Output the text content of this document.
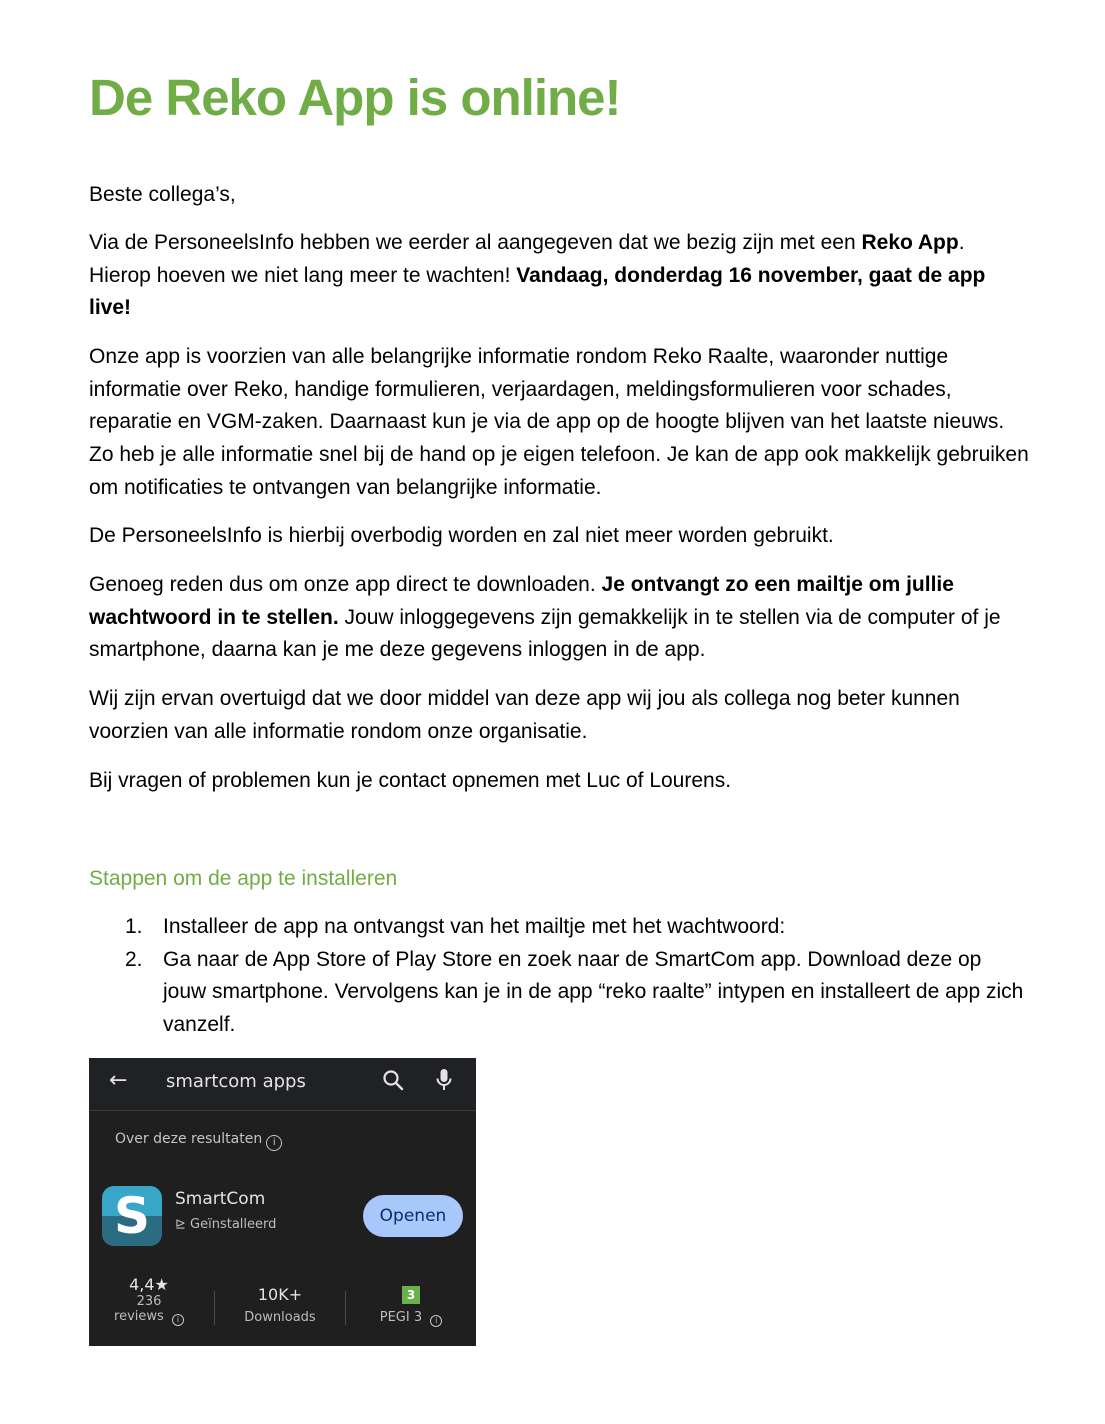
De Reko App is online!
Beste collega’s,

Via de PersoneelsInfo hebben we eerder al aangegeven dat we bezig zijn met een Reko App. Hierop hoeven we niet lang meer te wachten! Vandaag, donderdag 16 november, gaat de app live!

Onze app is voorzien van alle belangrijke informatie rondom Reko Raalte, waaronder nuttige informatie over Reko, handige formulieren, verjaardagen, meldingsformulieren voor schades, reparatie en VGM-zaken. Daarnaast kun je via de app op de hoogte blijven van het laatste nieuws. Zo heb je alle informatie snel bij de hand op je eigen telefoon. Je kan de app ook makkelijk gebruiken om notificaties te ontvangen van belangrijke informatie.

De PersoneelsInfo is hierbij overbodig worden en zal niet meer worden gebruikt.

Genoeg reden dus om onze app direct te downloaden. Je ontvangt zo een mailtje om jullie wachtwoord in te stellen. Jouw inloggegevens zijn gemakkelijk in te stellen via de computer of je smartphone, daarna kan je me deze gegevens inloggen in de app.

Wij zijn ervan overtuigd dat we door middel van deze app wij jou als collega nog beter kunnen voorzien van alle informatie rondom onze organisatie.

Bij vragen of problemen kun je contact opnemen met Luc of Lourens.

Stappen om de app te installeren
1. Installeer de app na ontvangst van het mailtje met het wachtwoord:
2. Ga naar de App Store of Play Store en zoek naar de SmartCom app. Download deze op jouw smartphone. Vervolgens kan je in de app “reko raalte” intypen en installeert de app zich vanzelf.
← smartcom apps
Over deze resultaten i
S	SmartCom
⊵ Geïnstalleerd	Openen
4,4★
236
reviews i
10K+
Downloads
3
PEGI 3 i
